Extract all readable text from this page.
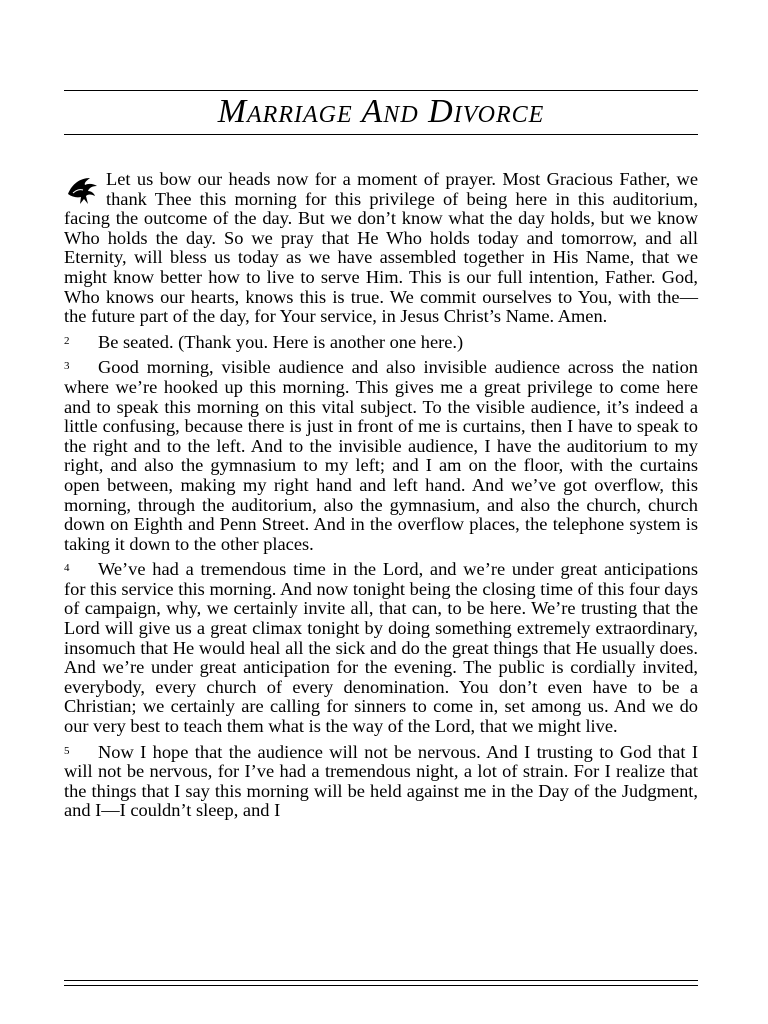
Marriage And Divorce

Let us bow our heads now for a moment of prayer. Most Gracious Father, we thank Thee this morning for this privilege of being here in this auditorium, facing the outcome of the day. But we don’t know what the day holds, but we know Who holds the day. So we pray that He Who holds today and tomorrow, and all Eternity, will bless us today as we have assembled together in His Name, that we might know better how to live to serve Him. This is our full intention, Father. God, Who knows our hearts, knows this is true. We commit ourselves to You, with the—the future part of the day, for Your service, in Jesus Christ’s Name. Amen.

2 Be seated. (Thank you. Here is another one here.)

3 Good morning, visible audience and also invisible audience across the nation where we’re hooked up this morning. This gives me a great privilege to come here and to speak this morning on this vital subject. To the visible audience, it’s indeed a little confusing, because there is just in front of me is curtains, then I have to speak to the right and to the left. And to the invisible audience, I have the auditorium to my right, and also the gymnasium to my left; and I am on the floor, with the curtains open between, making my right hand and left hand. And we’ve got overflow, this morning, through the auditorium, also the gymnasium, and also the church, church down on Eighth and Penn Street. And in the overflow places, the telephone system is taking it down to the other places.

4 We’ve had a tremendous time in the Lord, and we’re under great anticipations for this service this morning. And now tonight being the closing time of this four days of campaign, why, we certainly invite all, that can, to be here. We’re trusting that the Lord will give us a great climax tonight by doing something extremely extraordinary, insomuch that He would heal all the sick and do the great things that He usually does. And we’re under great anticipation for the evening. The public is cordially invited, everybody, every church of every denomination. You don’t even have to be a Christian; we certainly are calling for sinners to come in, set among us. And we do our very best to teach them what is the way of the Lord, that we might live.

5 Now I hope that the audience will not be nervous. And I trusting to God that I will not be nervous, for I’ve had a tremendous night, a lot of strain. For I realize that the things that I say this morning will be held against me in the Day of the Judgment, and I—I couldn’t sleep, and I
